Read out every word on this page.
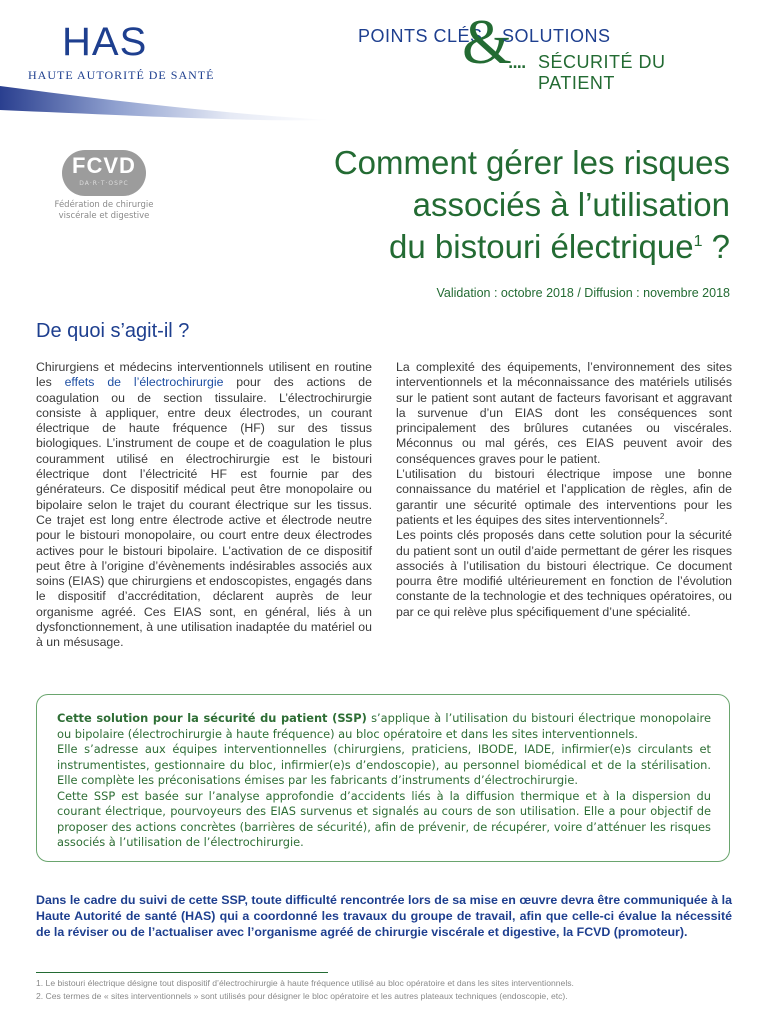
HAS
HAUTE AUTORITÉ DE SANTÉ
POINTS CLÉS
&
SOLUTIONS
.... SÉCURITÉ DU PATIENT
FCVD
DA·R·T·OSPC
Fédération de chirurgie viscérale et digestive
Comment gérer les risques
associés à l’utilisation
du bistouri électrique$^1$ ?
Validation : octobre 2018 / Diffusion : novembre 2018
De quoi s’agit-il ?

Chirurgiens et médecins interventionnels utilisent en routine les effets de l’électrochirurgie pour des actions de coagulation ou de section tissulaire. L’électrochirurgie consiste à appliquer, entre deux électrodes, un courant électrique de haute fréquence (HF) sur des tissus biologiques. L’instrument de coupe et de coagulation le plus couramment utilisé en électrochirurgie est le bistouri électrique dont l’électricité HF est fournie par des générateurs. Ce dispositif médical peut être monopolaire ou bipolaire selon le trajet du courant électrique sur les tissus. Ce trajet est long entre électrode active et électrode neutre pour le bistouri monopolaire, ou court entre deux électrodes actives pour le bistouri bipolaire. L’activation de ce dispositif peut être à l’origine d’évènements indésirables associés aux soins (EIAS) que chirurgiens et endoscopistes, engagés dans le dispositif d’accréditation, déclarent auprès de leur organisme agréé. Ces EIAS sont, en général, liés à un dysfonctionnement, à une utilisation inadaptée du matériel ou à un mésusage.

La complexité des équipements, l’environnement des sites interventionnels et la méconnaissance des matériels utilisés sur le patient sont autant de facteurs favorisant et aggravant la survenue d’un EIAS dont les conséquences sont principalement des brûlures cutanées ou viscérales. Méconnus ou mal gérés, ces EIAS peuvent avoir des conséquences graves pour le patient.

L’utilisation du bistouri électrique impose une bonne connaissance du matériel et l’application de règles, afin de garantir une sécurité optimale des interventions pour les patients et les équipes des sites interventionnels$^2$.

Les points clés proposés dans cette solution pour la sécurité du patient sont un outil d’aide permettant de gérer les risques associés à l’utilisation du bistouri électrique. Ce document pourra être modifié ultérieurement en fonction de l’évolution constante de la technologie et des techniques opératoires, ou par ce qui relève plus spécifiquement d’une spécialité.

Cette solution pour la sécurité du patient (SSP) s’applique à l’utilisation du bistouri électrique monopolaire ou bipolaire (électrochirurgie à haute fréquence) au bloc opératoire et dans les sites interventionnels.

Elle s’adresse aux équipes interventionnelles (chirurgiens, praticiens, IBODE, IADE, infirmier(e)s circulants et instrumentistes, gestionnaire du bloc, infirmier(e)s d’endoscopie), au personnel biomédical et de la stérilisation. Elle complète les préconisations émises par les fabricants d’instruments d’électrochirurgie.

Cette SSP est basée sur l’analyse approfondie d’accidents liés à la diffusion thermique et à la dispersion du courant électrique, pourvoyeurs des EIAS survenus et signalés au cours de son utilisation. Elle a pour objectif de proposer des actions concrètes (barrières de sécurité), afin de prévenir, de récupérer, voire d’atténuer les risques associés à l’utilisation de l’électrochirurgie.

Dans le cadre du suivi de cette SSP, toute difficulté rencontrée lors de sa mise en œuvre devra être communiquée à la Haute Autorité de santé (HAS) qui a coordonné les travaux du groupe de travail, afin que celle-ci évalue la nécessité de la réviser ou de l’actualiser avec l’organisme agréé de chirurgie viscérale et digestive, la FCVD (promoteur).
1. Le bistouri électrique désigne tout dispositif d’électrochirurgie à haute fréquence utilisé au bloc opératoire et dans les sites interventionnels.
2. Ces termes de « sites interventionnels » sont utilisés pour désigner le bloc opératoire et les autres plateaux techniques (endoscopie, etc).
